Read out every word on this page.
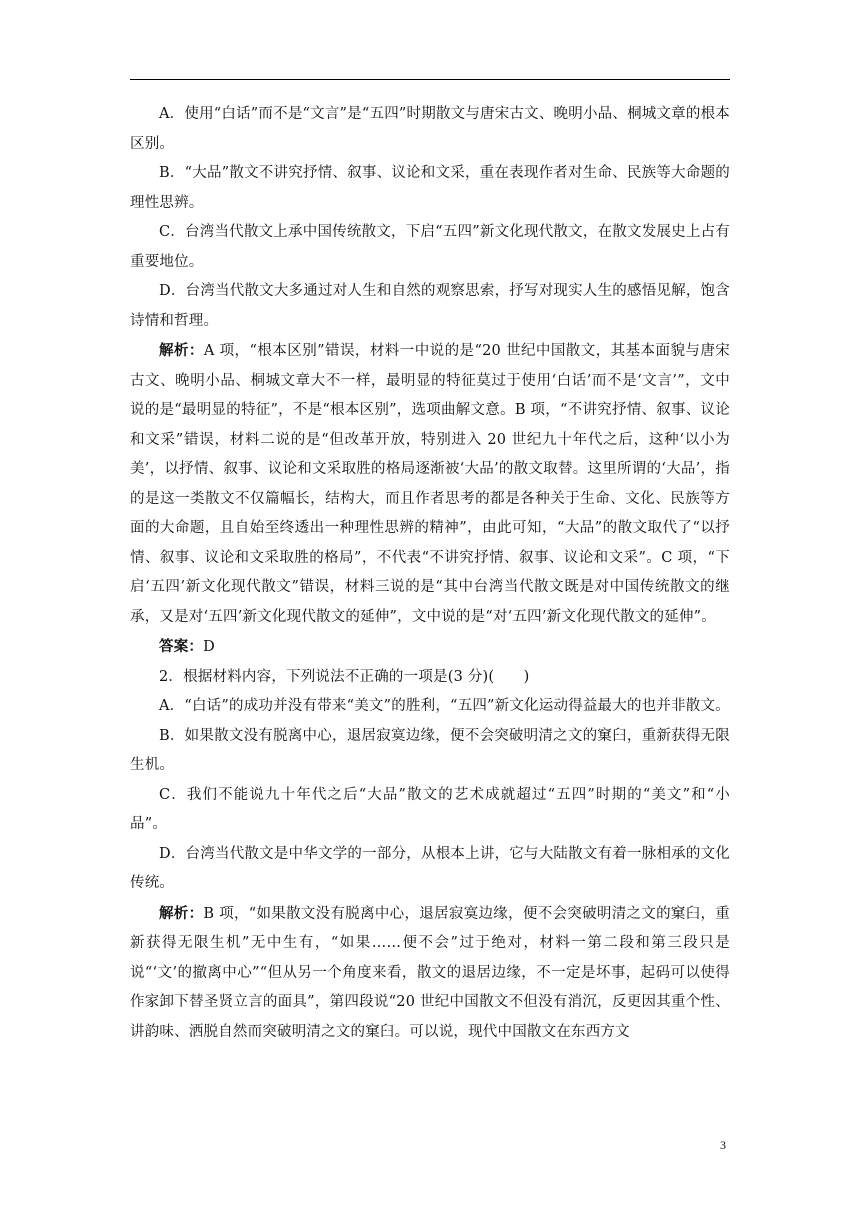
A．使用“白话”而不是“文言”是“五四”时期散文与唐宋古文、晚明小品、桐城文章的根本区别。

B．“大品”散文不讲究抒情、叙事、议论和文采，重在表现作者对生命、民族等大命题的理性思辨。

C．台湾当代散文上承中国传统散文，下启“五四”新文化现代散文，在散文发展史上占有重要地位。

D．台湾当代散文大多通过对人生和自然的观察思索，抒写对现实人生的感悟见解，饱含诗情和哲理。

解析：A 项，“根本区别”错误，材料一中说的是“20 世纪中国散文，其基本面貌与唐宋古文、晚明小品、桐城文章大不一样，最明显的特征莫过于使用‘白话’而不是‘文言’”，文中说的是“最明显的特征”，不是“根本区别”，选项曲解文意。B 项，“不讲究抒情、叙事、议论和文采”错误，材料二说的是“但改革开放，特别进入 20 世纪九十年代之后，这种‘以小为美’，以抒情、叙事、议论和文采取胜的格局逐渐被‘大品’的散文取替。这里所谓的‘大品’，指的是这一类散文不仅篇幅长，结构大，而且作者思考的都是各种关于生命、文化、民族等方面的大命题，且自始至终透出一种理性思辨的精神”，由此可知，“大品”的散文取代了“以抒情、叙事、议论和文采取胜的格局”，不代表“不讲究抒情、叙事、议论和文采”。C 项，“下启‘五四’新文化现代散文”错误，材料三说的是“其中台湾当代散文既是对中国传统散文的继承，又是对‘五四’新文化现代散文的延伸”，文中说的是“对‘五四’新文化现代散文的延伸”。

答案：D

2．根据材料内容，下列说法不正确的一项是(3 分)(　　)

A．“白话”的成功并没有带来“美文”的胜利，“五四”新文化运动得益最大的也并非散文。

B．如果散文没有脱离中心，退居寂寞边缘，便不会突破明清之文的窠臼，重新获得无限生机。

C．我们不能说九十年代之后“大品”散文的艺术成就超过“五四”时期的“美文”和“小品”。

D．台湾当代散文是中华文学的一部分，从根本上讲，它与大陆散文有着一脉相承的文化传统。

解析：B 项，“如果散文没有脱离中心，退居寂寞边缘，便不会突破明清之文的窠臼，重新获得无限生机”无中生有，“如果……便不会”过于绝对，材料一第二段和第三段只是说“‘文’的撤离中心”“但从另一个角度来看，散文的退居边缘，不一定是坏事，起码可以使得作家卸下替圣贤立言的面具”，第四段说“20 世纪中国散文不但没有消沉，反更因其重个性、讲韵味、洒脱自然而突破明清之文的窠臼。可以说，现代中国散文在东西方文

3
